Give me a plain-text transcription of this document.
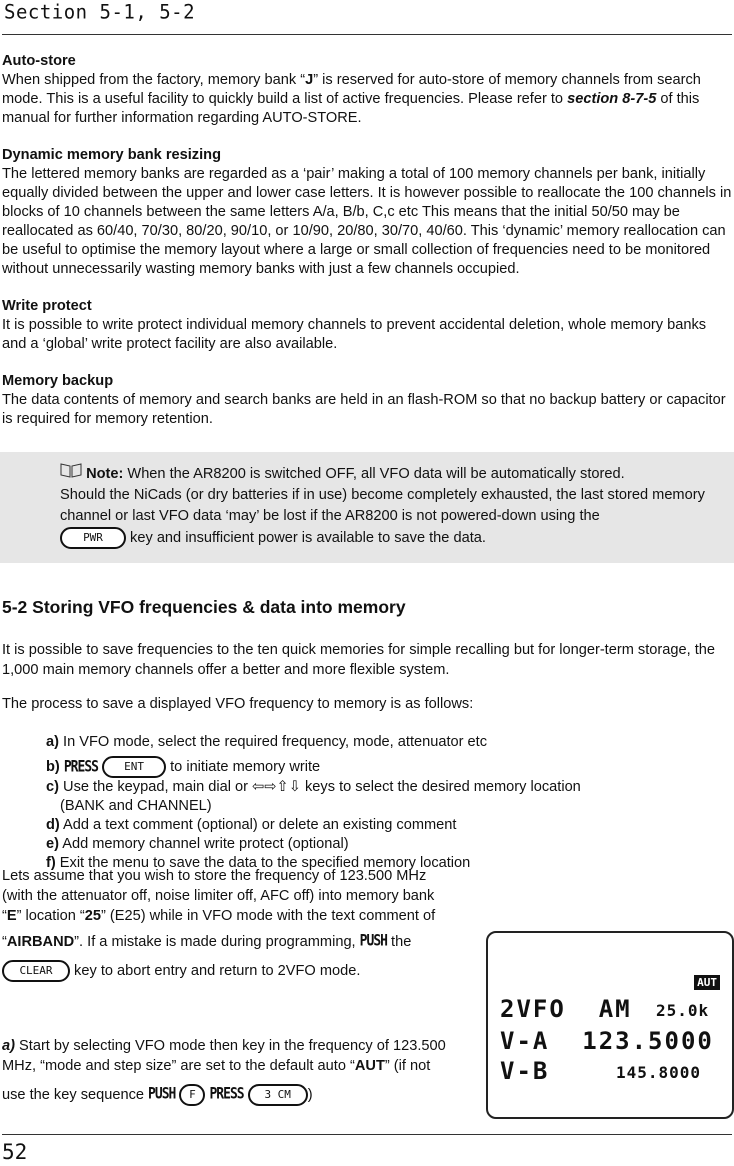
Section 5-1, 5-2
Auto-store

When shipped from the factory, memory bank “J” is reserved for auto-store of memory channels from search mode. This is a useful facility to quickly build a list of active frequencies. Please refer to section 8-7-5 of this manual for further information regarding AUTO-STORE.

Dynamic memory bank resizing

The lettered memory banks are regarded as a ‘pair’ making a total of 100 memory channels per bank, initially equally divided between the upper and lower case letters. It is however possible to reallocate the 100 channels in blocks of 10 channels between the same letters A/a, B/b, C,c etc This means that the initial 50/50 may be reallocated as 60/40, 70/30, 80/20, 90/10, or 10/90, 20/80, 30/70, 40/60. This ‘dynamic’ memory reallocation can be useful to optimise the memory layout where a large or small collection of frequencies need to be monitored without unnecessarily wasting memory banks with just a few channels occupied.

Write protect

It is possible to write protect individual memory channels to prevent accidental deletion, whole memory banks and a ‘global’ write protect facility are also available.

Memory backup

The data contents of memory and search banks are held in an flash-ROM so that no backup battery or capacitor is required for memory retention.

Note: When the AR8200 is switched OFF, all VFO data will be automatically stored.
Should the NiCads (or dry batteries if in use) become completely exhausted, the last stored memory channel or last VFO data ‘may’ be lost if the AR8200 is not powered-down using the
PWR key and insufficient power is available to save the data.
5-2 Storing VFO frequencies & data into memory

It is possible to save frequencies to the ten quick memories for simple recalling but for longer-term storage, the 1,000 main memory channels offer a better and more flexible system.

The process to save a displayed VFO frequency to memory is as follows:

a) In VFO mode, select the required frequency, mode, attenuator etc
b) PRESS ENT to initiate memory write
c) Use the keypad, main dial or ⇦⇨⇧⇩ keys to select the desired memory location
(BANK and CHANNEL)
d) Add a text comment (optional) or delete an existing comment
e) Add memory channel write protect (optional)
f) Exit the menu to save the data to the specified memory location
Lets assume that you wish to store the frequency of 123.500 MHz
(with the attenuator off, noise limiter off, AFC off) into memory bank
“E” location “25” (E25) while in VFO mode with the text comment of
“AIRBAND”. If a mistake is made during programming, PUSH the
CLEAR key to abort entry and return to 2VFO mode.
a) Start by selecting VFO mode then key in the frequency of 123.500
MHz, “mode and step size” are set to the default auto “AUT” (if not
use the key sequence PUSH F PRESS 3 CM )
AUT
2VFO  AM 25.0k
V-A  123.5000
V-B	145.8000
52
